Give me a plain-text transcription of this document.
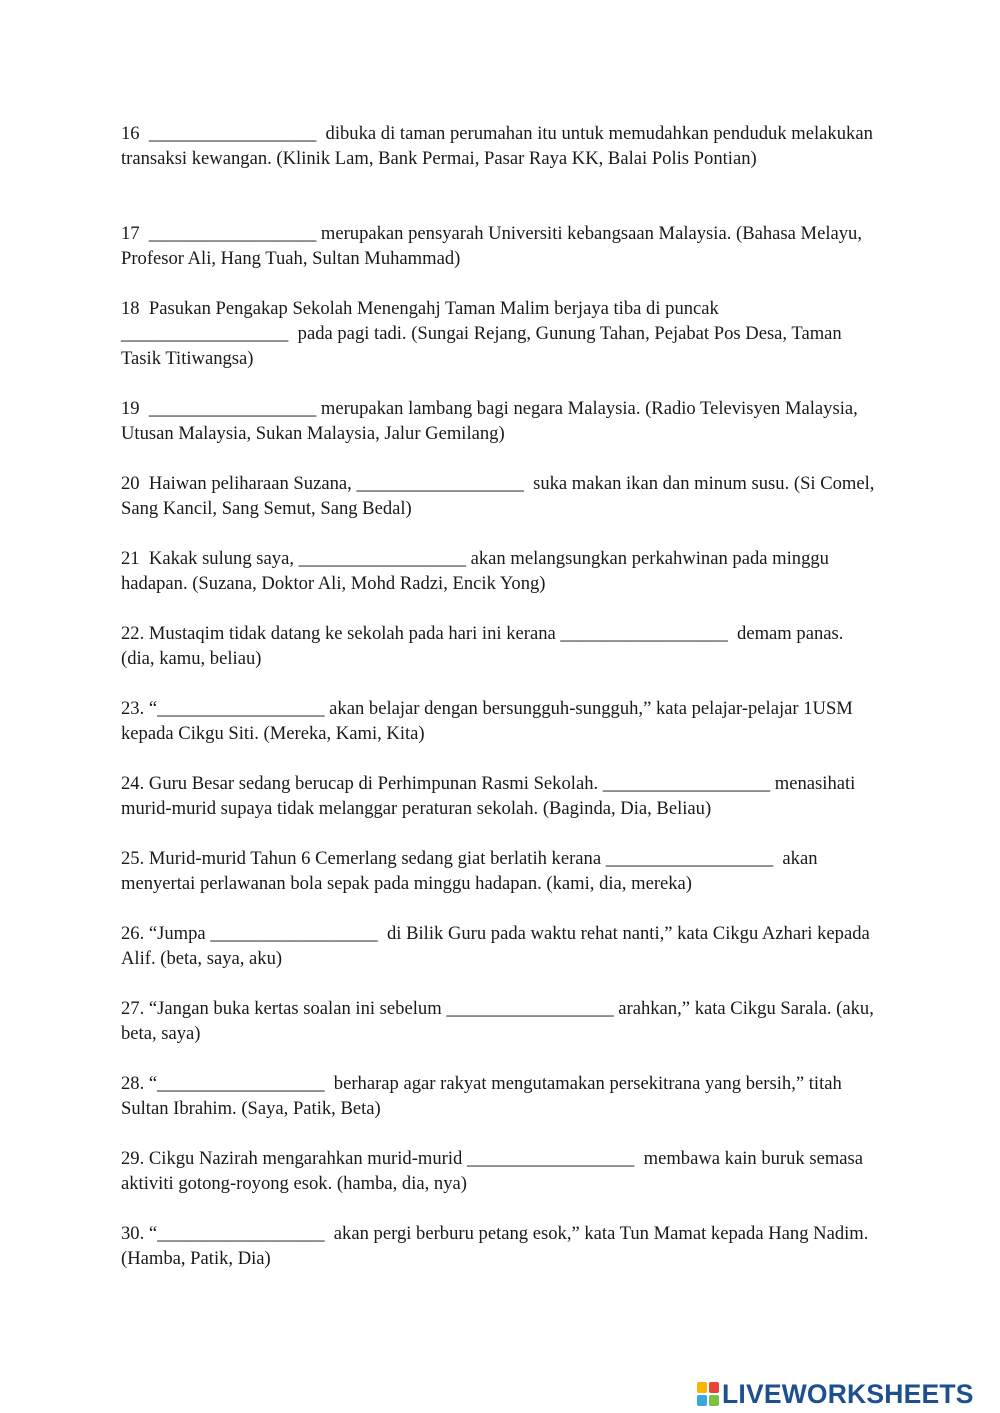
16  __________________  dibuka di taman perumahan itu untuk memudahkan penduduk melakukan transaksi kewangan. (Klinik Lam, Bank Permai, Pasar Raya KK, Balai Polis Pontian)

17  __________________ merupakan pensyarah Universiti kebangsaan Malaysia. (Bahasa Melayu, Profesor Ali, Hang Tuah, Sultan Muhammad)

18  Pasukan Pengakap Sekolah Menengahj Taman Malim berjaya tiba di puncak __________________  pada pagi tadi. (Sungai Rejang, Gunung Tahan, Pejabat Pos Desa, Taman Tasik Titiwangsa)

19  __________________ merupakan lambang bagi negara Malaysia. (Radio Televisyen Malaysia, Utusan Malaysia, Sukan Malaysia, Jalur Gemilang)

20  Haiwan peliharaan Suzana, __________________  suka makan ikan dan minum susu. (Si Comel, Sang Kancil, Sang Semut, Sang Bedal)

21  Kakak sulung saya, __________________ akan melangsungkan perkahwinan pada minggu hadapan. (Suzana, Doktor Ali, Mohd Radzi, Encik Yong)

22. Mustaqim tidak datang ke sekolah pada hari ini kerana __________________  demam panas. (dia, kamu, beliau)

23. “__________________ akan belajar dengan bersungguh-sungguh,” kata pelajar-pelajar 1USM kepada Cikgu Siti. (Mereka, Kami, Kita)

24. Guru Besar sedang berucap di Perhimpunan Rasmi Sekolah. __________________ menasihati murid-murid supaya tidak melanggar peraturan sekolah. (Baginda, Dia, Beliau)

25. Murid-murid Tahun 6 Cemerlang sedang giat berlatih kerana __________________  akan menyertai perlawanan bola sepak pada minggu hadapan. (kami, dia, mereka)

26. “Jumpa __________________  di Bilik Guru pada waktu rehat nanti,” kata Cikgu Azhari kepada Alif. (beta, saya, aku)

27. “Jangan buka kertas soalan ini sebelum __________________ arahkan,” kata Cikgu Sarala. (aku, beta, saya)

28. “__________________  berharap agar rakyat mengutamakan persekitrana yang bersih,” titah Sultan Ibrahim. (Saya, Patik, Beta)

29. Cikgu Nazirah mengarahkan murid-murid __________________  membawa kain buruk semasa aktiviti gotong-royong esok. (hamba, dia, nya)

30. “__________________  akan pergi berburu petang esok,” kata Tun Mamat kepada Hang Nadim. (Hamba, Patik, Dia)

LIVEWORKSHEETS
